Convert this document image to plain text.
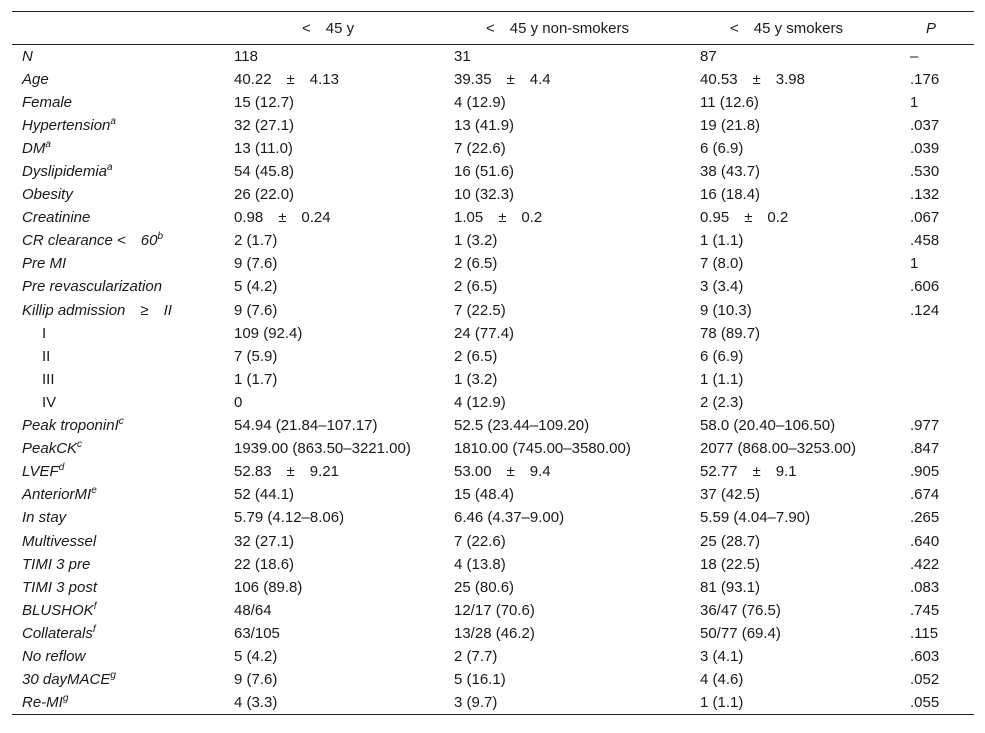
	< 45 y	< 45 y non-smokers	< 45 y smokers	P
N	118	31	87	–
Age	40.22 ± 4.13	39.35 ± 4.4	40.53 ± 3.98	.176
Female	15 (12.7)	4 (12.9)	11 (12.6)	1
Hypertension$^a$	32 (27.1)	13 (41.9)	19 (21.8)	.037
$DM^a$	13 (11.0)	7 (22.6)	6 (6.9)	.039
Dyslipidemia$^a$	54 (45.8)	16 (51.6)	38 (43.7)	.530
Obesity	26 (22.0)	10 (32.3)	16 (18.4)	.132
Creatinine	0.98 ± 0.24	1.05 ± 0.2	0.95 ± 0.2	.067
CR clearance < $60^b$	2 (1.7)	1 (3.2)	1 (1.1)	.458
Pre MI	9 (7.6)	2 (6.5)	7 (8.0)	1
Pre revascularization	5 (4.2)	2 (6.5)	3 (3.4)	.606
Killip admission ≥ II	9 (7.6)	7 (22.5)	9 (10.3)	.124
I	109 (92.4)	24 (77.4)	78 (89.7)	
II	7 (5.9)	2 (6.5)	6 (6.9)	
III	1 (1.7)	1 (3.2)	1 (1.1)	
IV	0	4 (12.9)	2 (2.3)	
Peak troponinI$^c$	54.94 (21.84–107.17)	52.5 (23.44–109.20)	58.0 (20.40–106.50)	.977
PeakCK$^c$	1939.00 (863.50–3221.00)	1810.00 (745.00–3580.00)	2077 (868.00–3253.00)	.847
LVEF$^d$	52.83 ± 9.21	53.00 ± 9.4	52.77 ± 9.1	.905
AnteriorMI$^e$	52 (44.1)	15 (48.4)	37 (42.5)	.674
In stay	5.79 (4.12–8.06)	6.46 (4.37–9.00)	5.59 (4.04–7.90)	.265
Multivessel	32 (27.1)	7 (22.6)	25 (28.7)	.640
TIMI 3 pre	22 (18.6)	4 (13.8)	18 (22.5)	.422
TIMI 3 post	106 (89.8)	25 (80.6)	81 (93.1)	.083
BLUSHOK$^f$	48/64	12/17 (70.6)	36/47 (76.5)	.745
Collaterals$^f$	63/105	13/28 (46.2)	50/77 (69.4)	.115
No reflow	5 (4.2)	2 (7.7)	3 (4.1)	.603
30 dayMACE$^g$	9 (7.6)	5 (16.1)	4 (4.6)	.052
$Re-MI^g$	4 (3.3)	3 (9.7)	1 (1.1)	.055
